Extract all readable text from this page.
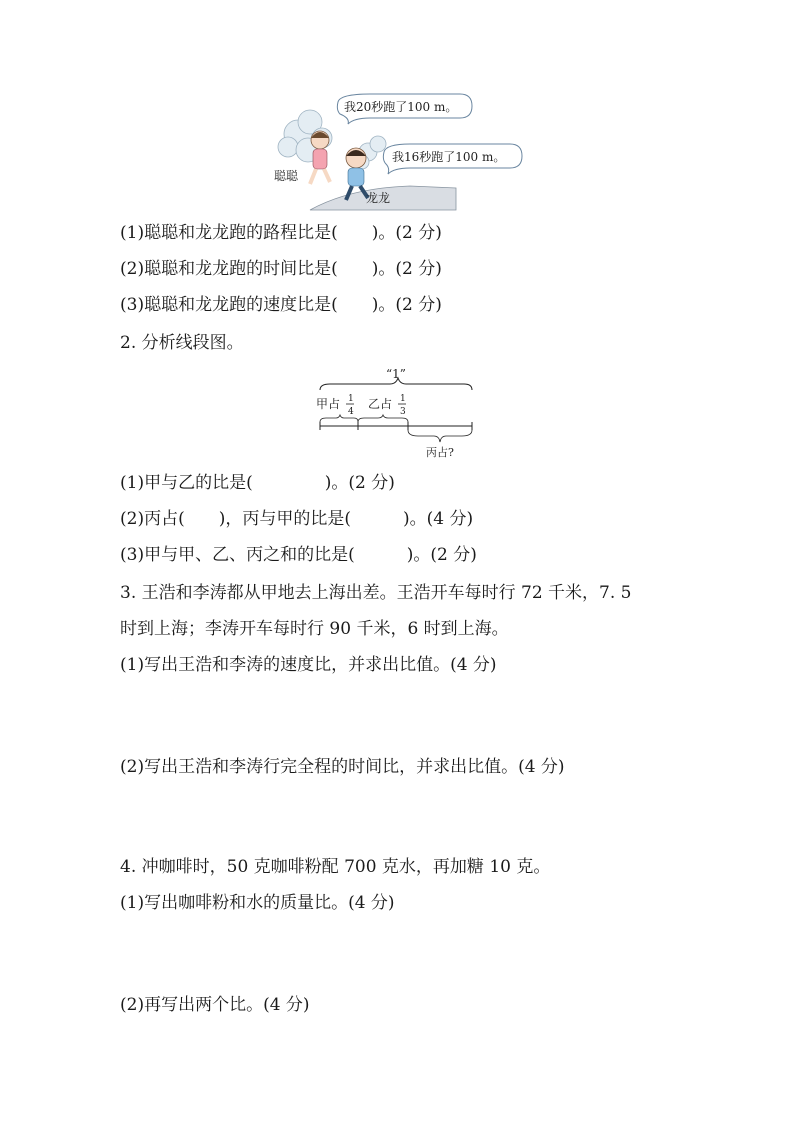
我20秒跑了100 m。
我16秒跑了100 m。
聪聪
龙龙
(1)聪聪和龙龙跑的路程比是( )。(2 分)
(2)聪聪和龙龙跑的时间比是( )。(2 分)
(3)聪聪和龙龙跑的速度比是( )。(2 分)
2. 分析线段图。
“1”
甲占 1
4
乙占 1
3
丙占?
(1)甲与乙的比是(	)。(2 分)
(2)丙占( )，丙与甲的比是(	)。(4 分)
(3)甲与甲、乙、丙之和的比是(	)。(2 分)
3. 王浩和李涛都从甲地去上海出差。王浩开车每时行 72 千米，7. 5
时到上海；李涛开车每时行 90 千米，6 时到上海。
(1)写出王浩和李涛的速度比，并求出比值。(4 分)
(2)写出王浩和李涛行完全程的时间比，并求出比值。(4 分)
4. 冲咖啡时，50 克咖啡粉配 700 克水，再加糖 10 克。
(1)写出咖啡粉和水的质量比。(4 分)
(2)再写出两个比。(4 分)
